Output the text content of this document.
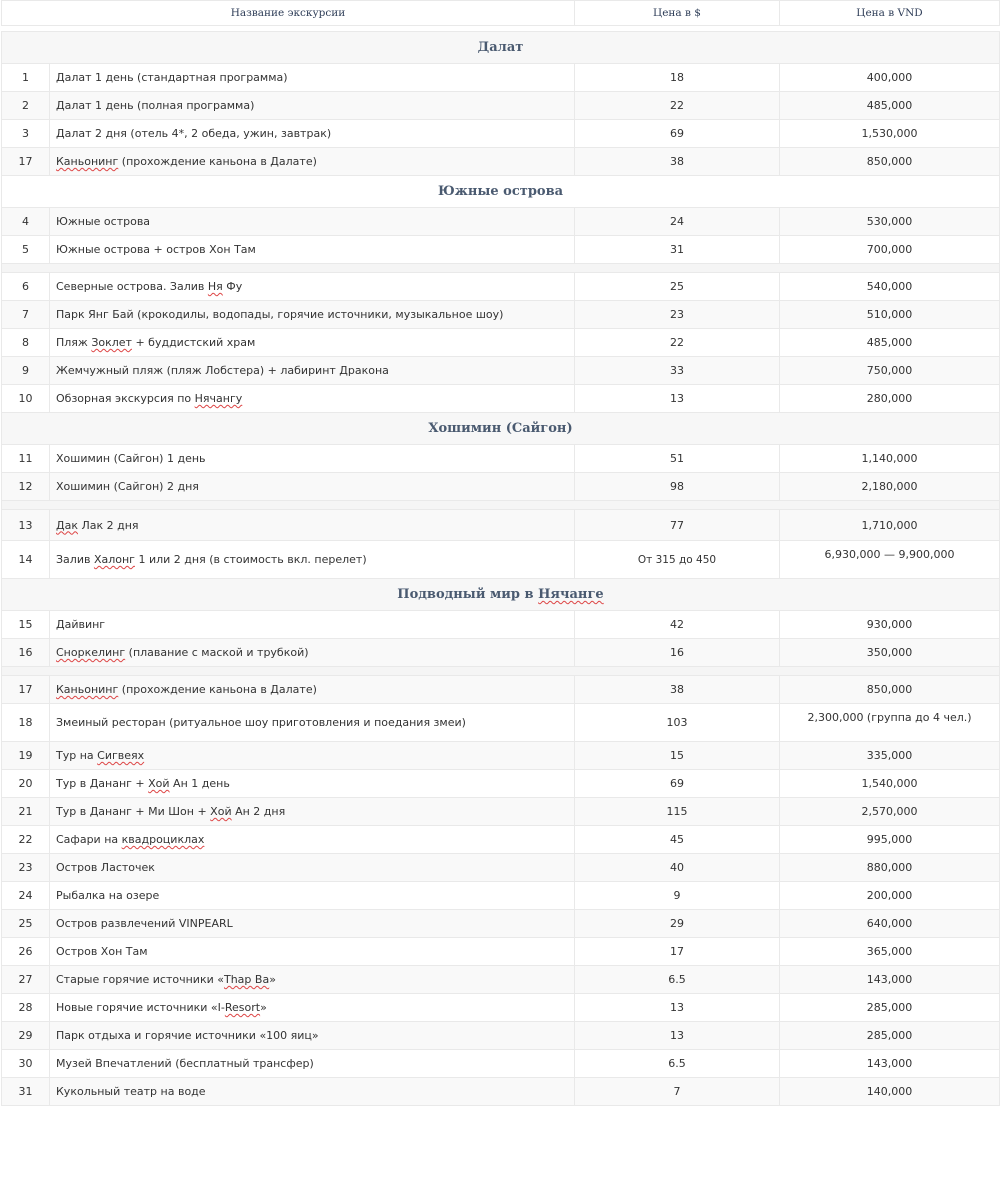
Название экскурсии		Цена в $	Цена в VND

Далат			
1	Далат 1 день (стандартная программа)	18	400,000
2	Далат 1 день (полная программа)	22	485,000
3	Далат 2 дня (отель 4*, 2 обеда, ужин, завтрак)	69	1,530,000
17	Каньонинг (прохождение каньона в Далате)	38	850,000
Южные острова			
4	Южные острова	24	530,000
5	Южные острова + остров Хон Там	31	700,000

6	Северные острова. Залив Ня Фу	25	540,000
7	Парк Янг Бай (крокодилы, водопады, горячие источники, музыкальное шоу)	23	510,000
8	Пляж Зоклет + буддистский храм	22	485,000
9	Жемчужный пляж (пляж Лобстера) + лабиринт Дракона	33	750,000
10	Обзорная экскурсия по Нячангу	13	280,000
Хошимин (Сайгон)			
11	Хошимин (Сайгон) 1 день	51	1,140,000
12	Хошимин (Сайгон) 2 дня	98	2,180,000

13	Дак Лак 2 дня	77	1,710,000
14	Залив Халонг 1 или 2 дня (в стоимость вкл. перелет)	От 315 до 450	6,930,000 — 9,900,000
Подводный мир в Нячанге			
15	Дайвинг	42	930,000
16	Сноркелинг (плавание с маской и трубкой)	16	350,000

17	Каньонинг (прохождение каньона в Далате)	38	850,000
18	Змеиный ресторан (ритуальное шоу приготовления и поедания змеи)	103	2,300,000 (группа до 4 чел.)
19	Тур на Сигвеях	15	335,000
20	Тур в Дананг + Хой Ан 1 день	69	1,540,000
21	Тур в Дананг + Ми Шон + Хой Ан 2 дня	115	2,570,000
22	Сафари на квадроциклах	45	995,000
23	Остров Ласточек	40	880,000
24	Рыбалка на озере	9	200,000
25	Остров развлечений VINPEARL	29	640,000
26	Остров Хон Там	17	365,000
27	Старые горячие источники «Thap Ba»	6.5	143,000
28	Новые горячие источники «I-Resort»	13	285,000
29	Парк отдыха и горячие источники «100 яиц»	13	285,000
30	Музей Впечатлений (бесплатный трансфер)	6.5	143,000
31	Кукольный театр на воде	7	140,000
